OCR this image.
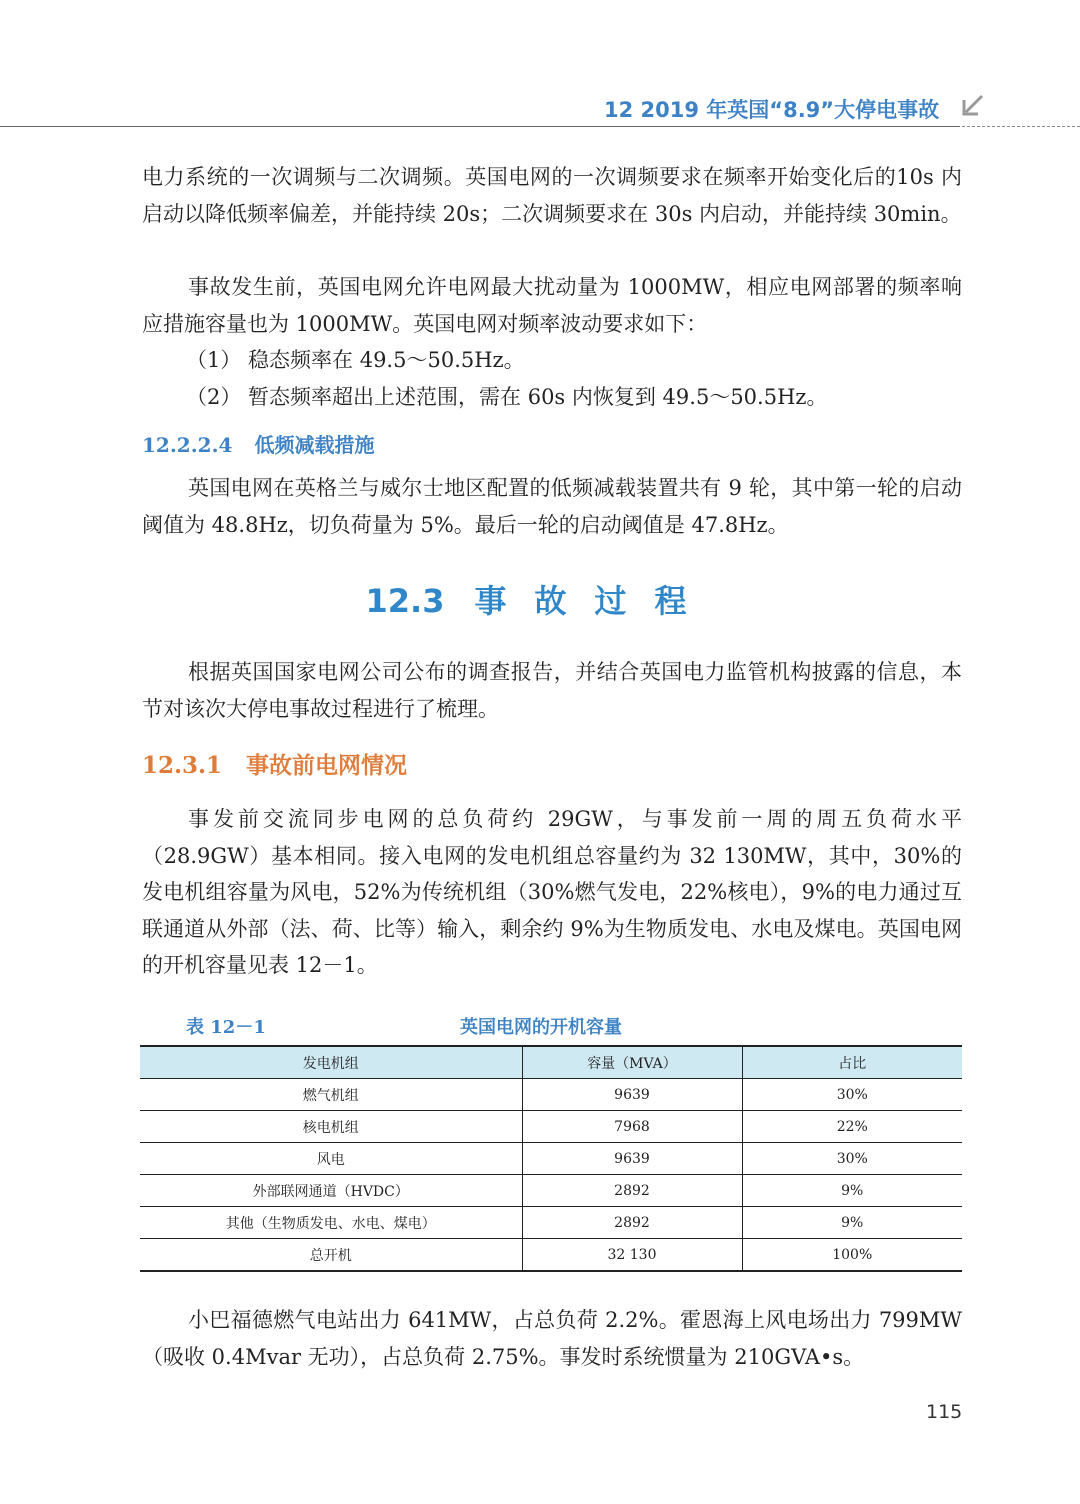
12 2019 年英国“8.9”大停电事故

电力系统的一次调频与二次调频。英国电网的一次调频要求在频率开始变化后的10s 内启动以降低频率偏差，并能持续 20s；二次调频要求在 30s 内启动，并能持续 30min。

事故发生前，英国电网允许电网最大扰动量为 1000MW，相应电网部署的频率响应措施容量也为 1000MW。英国电网对频率波动要求如下：

（1） 稳态频率在 49.5～50.5Hz。

（2） 暂态频率超出上述范围，需在 60s 内恢复到 49.5～50.5Hz。

12.2.2.4 低频减载措施

英国电网在英格兰与威尔士地区配置的低频减载装置共有 9 轮，其中第一轮的启动阈值为 48.8Hz，切负荷量为 5%。最后一轮的启动阈值是 47.8Hz。

12.3 事故过程

根据英国国家电网公司公布的调查报告，并结合英国电力监管机构披露的信息，本节对该次大停电事故过程进行了梳理。

12.3.1 事故前电网情况

事发前交流同步电网的总负荷约 29GW，与事发前一周的周五负荷水平（28.9GW）基本相同。接入电网的发电机组总容量约为 32 130MW，其中，30%的发电机组容量为风电，52%为传统机组（30%燃气发电，22%核电），9%的电力通过互联通道从外部（法、荷、比等）输入，剩余约 9%为生物质发电、水电及煤电。英国电网的开机容量见表 12－1。

表 12－1	英国电网的开机容量
发电机组	容量（MVA）	占比
燃气机组	9639	30%
核电机组	7968	22%
风电	9639	30%
外部联网通道（HVDC）	2892	9%
其他（生物质发电、水电、煤电）	2892	9%
总开机	32 130	100%

小巴福德燃气电站出力 641MW，占总负荷 2.2%。霍恩海上风电场出力 799MW（吸收 0.4Mvar 无功），占总负荷 2.75%。事发时系统惯量为 210GVA•s。

115
